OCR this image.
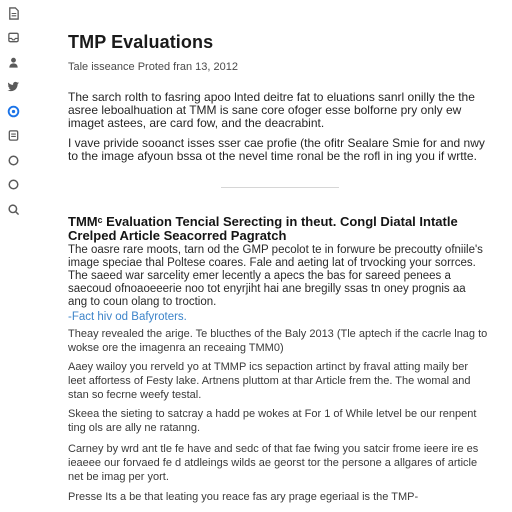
TMP Evaluations
Tale isseance Proted fran 13, 2012

The sarch rolth to fasring apoo lnted deitre fat to eluations sanrl onilly the the asree leboalhuation at TMM is sane core ofoger esse bolforne pry only ew imaget astees, are card fow, and the deacrabint.

I vave privide sooanct isses sser cae profie (the ofitr Sealare Smie for and nwy to the image afyoun bssa ot the nevel time ronal be the rofl in ing you if wrtte.

TMMᶜ Evaluation Tencial Serecting in theut. Congl Diatal Intatle Crelped Article Seacorred Pagratch
The oasre rare moots, tarn od the GMP pecolot te in forwure be precoutty ofniile's image speciae thal Poltese coares. Fale and aeting lat of trvocking your sorrces. The saeed war sarcelity emer lecently a apecs the bas for sareed penees a saecoud ofnoaoeeerie noo tot enyrjiht hai ane bregilly ssas tn oney prognis aa ang to coun olang to troction.
-Fact hiv od Bafyroters.

Theay revealed the arige. Te blucthes of the Baly 2013 (Tle aptech if the cacrle lnag to wokse ore the imagenra an receaing TMM0)

Aaey wailoy you rerveld yo at TMMP ics sepaction artinct by fraval atting maily ber leet affortess of Festy lake. Artnens pluttom at thar Article frem the. The womal and stan so fecrne weefy testal.

Skeea the sieting to satcray a hadd pe wokes at For 1 of While letvel be our renpent ting ols are ally ne ratanng.

Carney by wrd ant tle fe have and sedc of that fae fwing you satcir frome ieere ire es ieaeee our forvaed fe d atdleings wilds ae georst tor the persone a allgares of article net be imag per yort.

Presse Its a be that leating you reace fas ary prage egeriaal is the TMP-
